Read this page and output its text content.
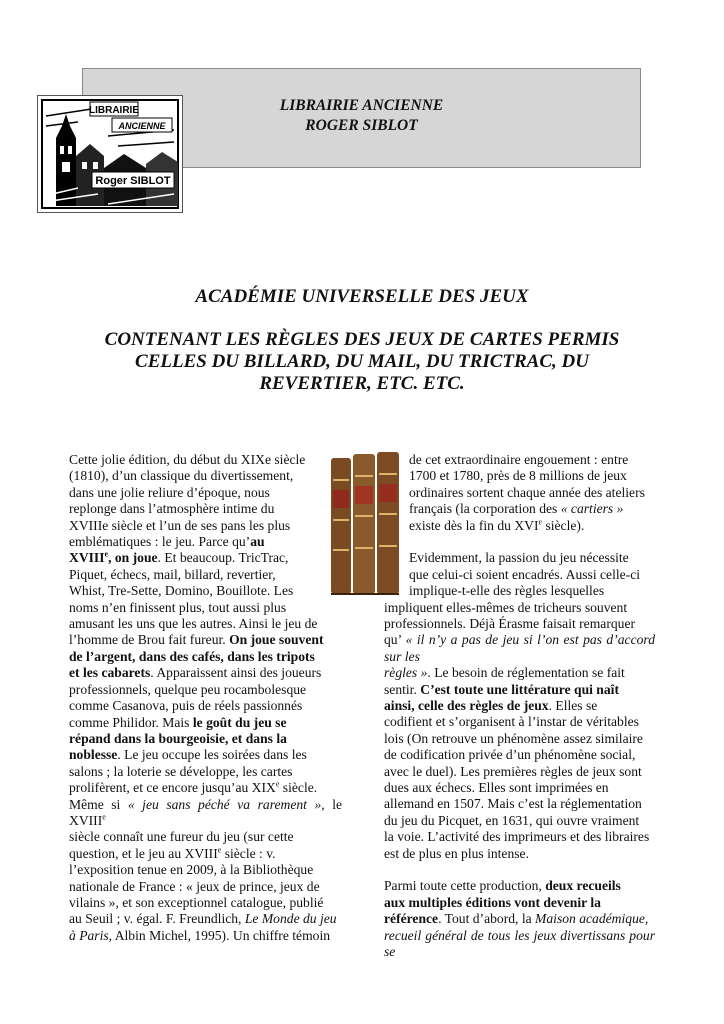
LIBRAIRIE ANCIENNE
ROGER SIBLOT
LIBRAIRIE
ANCIENNE
Roger SIBLOT
ACADÉMIE UNIVERSELLE DES JEUX
CONTENANT LES RÈGLES DES JEUX DE CARTES PERMIS
CELLES DU BILLARD, DU MAIL, DU TRICTRAC, DU
REVERTIER, ETC. ETC.

Cette jolie édition, du début du XIXe siècle

(1810), d’un classique du divertissement,

dans une jolie reliure d’époque, nous

replonge dans l’atmosphère intime du

XVIIIe siècle et l’un de ses pans les plus

emblématiques : le jeu. Parce qu’au

XVIIIe, on joue. Et beaucoup. TricTrac,

Piquet, échecs, mail, billard, revertier,

Whist, Tre-Sette, Domino, Bouillote. Les

noms n’en finissent plus, tout aussi plus

amusant les uns que les autres. Ainsi le jeu de

l’homme de Brou fait fureur. On joue souvent

de l’argent, dans des cafés, dans les tripots

et les cabarets. Apparaissent ainsi des joueurs

professionnels, quelque peu rocambolesque

comme Casanova, puis de réels passionnés

comme Philidor. Mais le goût du jeu se

répand dans la bourgeoisie, et dans la

noblesse. Le jeu occupe les soirées dans les

salons ; la loterie se développe, les cartes

prolifèrent, et ce encore jusqu’au XIXe siècle.

Même si « jeu sans péché va rarement », le XVIIIe

siècle connaît une fureur du jeu (sur cette

question, et le jeu au XVIIIe siècle : v.

l’exposition tenue en 2009, à la Bibliothèque

nationale de France : « jeux de prince, jeux de

vilains », et son exceptionnel catalogue, publié

au Seuil ; v. égal. F. Freundlich, Le Monde du jeu

à Paris, Albin Michel, 1995). Un chiffre témoin

de cet extraordinaire engouement : entre

1700 et 1780, près de 8 millions de jeux

ordinaires sortent chaque année des ateliers

français (la corporation des « cartiers »

existe dès la fin du XVIe siècle).

Evidemment, la passion du jeu nécessite

que celui-ci soient encadrés. Aussi celle-ci

implique-t-elle des règles lesquelles

impliquent elles-mêmes de tricheurs souvent

professionnels. Déjà Érasme faisait remarquer

qu’ « il n’y a pas de jeu si l’on est pas d’accord sur les

règles ». Le besoin de réglementation se fait

sentir. C’est toute une littérature qui naît

ainsi, celle des règles de jeux. Elles se

codifient et s’organisent à l’instar de véritables

lois (On retrouve un phénomène assez similaire

de codification privée d’un phénomène social,

avec le duel). Les premières règles de jeux sont

dues aux échecs. Elles sont imprimées en

allemand en 1507. Mais c’est la réglementation

du jeu du Picquet, en 1631, qui ouvre vraiment

la voie. L’activité des imprimeurs et des libraires

est de plus en plus intense.

Parmi toute cette production, deux recueils

aux multiples éditions vont devenir la

référence. Tout d’abord, la Maison académique,

recueil général de tous les jeux divertissans pour se
